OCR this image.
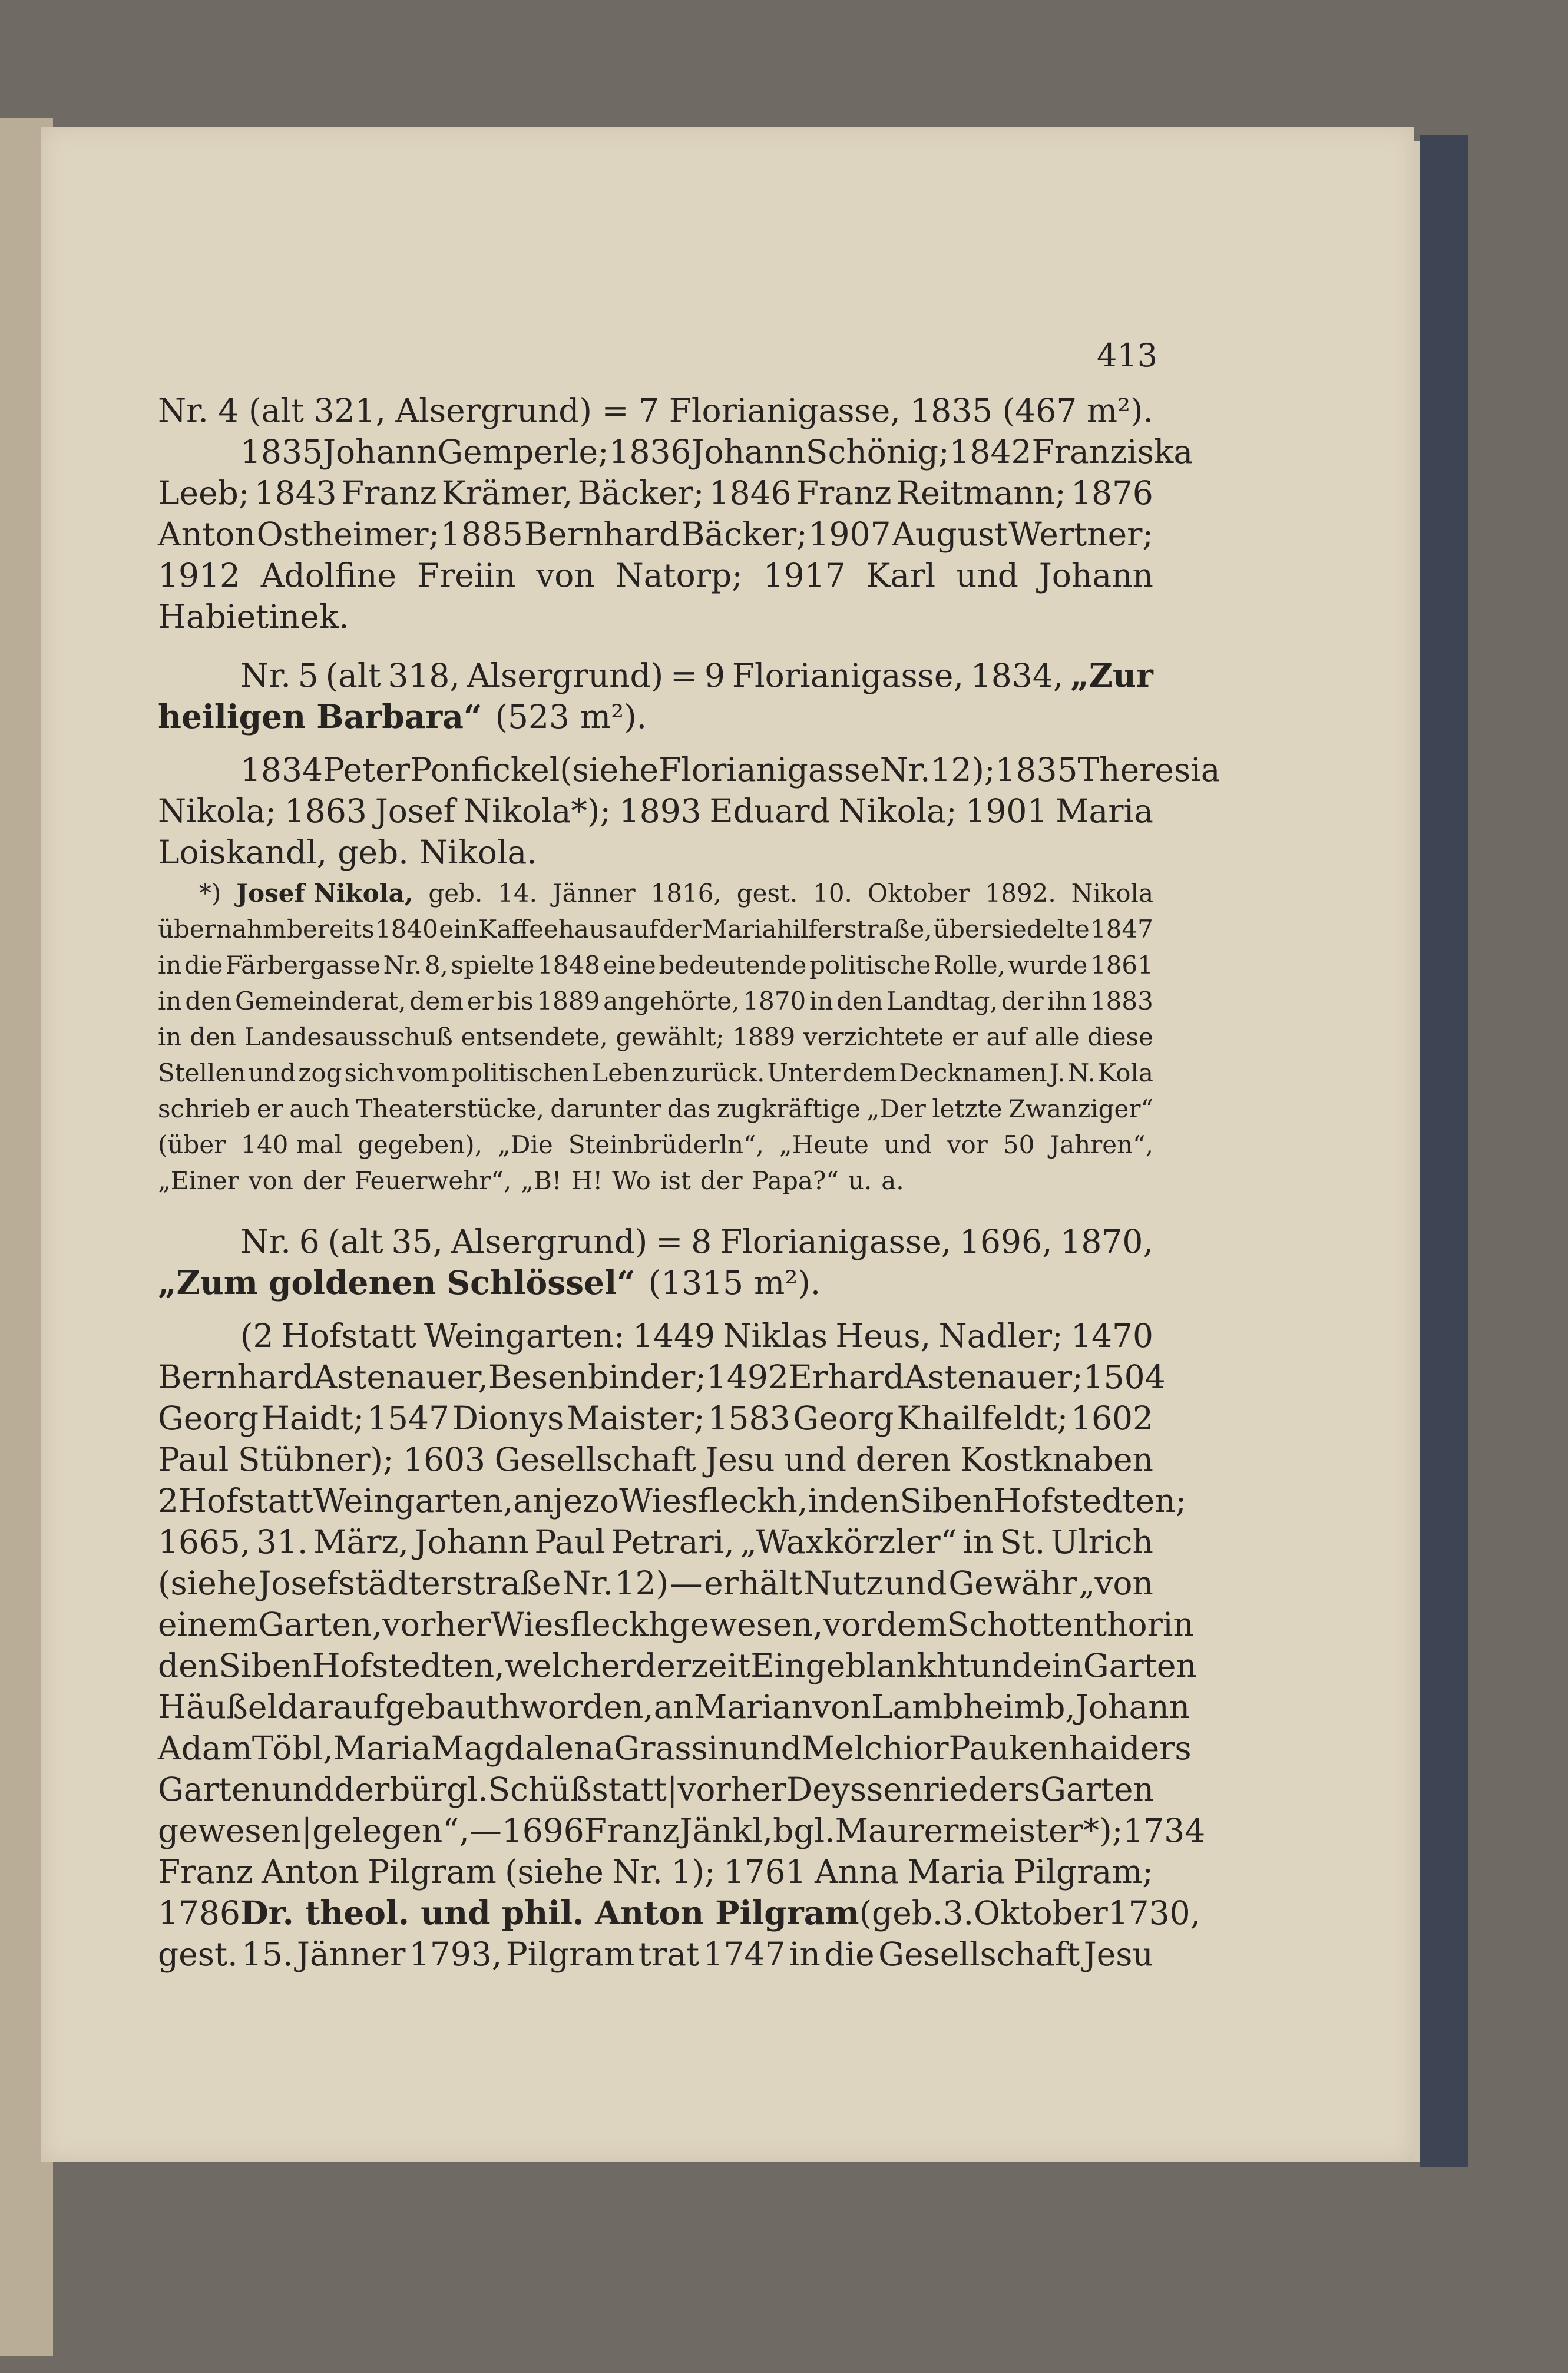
413
Nr. 4 (alt 321, Alsergrund) = 7 Florianigasse, 1835 (467 m²).
1835 Johann Gemperle; 1836 Johann Schönig; 1842 Franziska
Leeb; 1843 Franz Krämer, Bäcker; 1846 Franz Reitmann; 1876
Anton Ostheimer; 1885 Bernhard Bäcker; 1907 August Wertner;
1912 Adolfine Freiin von Natorp; 1917 Karl und Johann
Habietinek.
Nr. 5 (alt 318, Alsergrund) = 9 Florianigasse, 1834, „Zur
heiligen Barbara“ (523 m²).
1834 Peter Ponfickel (siehe Florianigasse Nr. 12); 1835 Theresia
Nikola; 1863 Josef Nikola*); 1893 Eduard Nikola; 1901 Maria
Loiskandl, geb. Nikola.
*) Josef Nikola, geb. 14. Jänner 1816, gest. 10. Oktober 1892. Nikola
übernahm bereits 1840 ein Kaffeehaus auf der Mariahilferstraße, übersiedelte 1847
in die Färbergasse Nr. 8, spielte 1848 eine bedeutende politische Rolle, wurde 1861
in den Gemeinderat, dem er bis 1889 angehörte, 1870 in den Landtag, der ihn 1883
in den Landesausschuß entsendete, gewählt; 1889 verzichtete er auf alle diese
Stellen und zog sich vom politischen Leben zurück. Unter dem Decknamen J. N. Kola
schrieb er auch Theaterstücke, darunter das zugkräftige „Der letzte Zwanziger“
(über 140 mal gegeben), „Die Steinbrüderln“, „Heute und vor 50 Jahren“,
„Einer von der Feuerwehr“, „B! H! Wo ist der Papa?“ u. a.
Nr. 6 (alt 35, Alsergrund) = 8 Florianigasse, 1696, 1870,
„Zum goldenen Schlössel“ (1315 m²).
(2 Hofstatt Weingarten: 1449 Niklas Heus, Nadler; 1470
Bernhard Astenauer, Besenbinder; 1492 Erhard Astenauer; 1504
Georg Haidt; 1547 Dionys Maister; 1583 Georg Khailfeldt; 1602
Paul Stübner); 1603 Gesellschaft Jesu und deren Kostknaben
2 Hofstatt Weingarten, anjezo Wiesfleckh, in den Siben Hofstedten;
1665, 31. März, Johann Paul Petrari, „Waxkörzler“ in St. Ulrich
(siehe Josefstädterstraße Nr. 12) — erhält Nutz und Gewähr „von
einem Garten, vorher Wiesfleckh gewesen, vor dem Schottenthor in
den Siben Hofstedten, welcher derzeit Eingeblankht und ein Garten
Häußel darauf gebauth worden, an Marian von Lambheimb, Johann
Adam Töbl, Maria Magdalena Grassin und Melchior Paukenhaiders
Garten und der bürgl. Schüßstatt | vorher Deyssenrieders Garten
gewesen | gelegen“, — 1696 Franz Jänkl, bgl. Maurermeister*); 1734
Franz Anton Pilgram (siehe Nr. 1); 1761 Anna Maria Pilgram;
1786 Dr. theol. und phil. Anton Pilgram (geb. 3. Oktober 1730,
gest. 15. Jänner 1793, Pilgram trat 1747 in die Gesellschaft Jesu
